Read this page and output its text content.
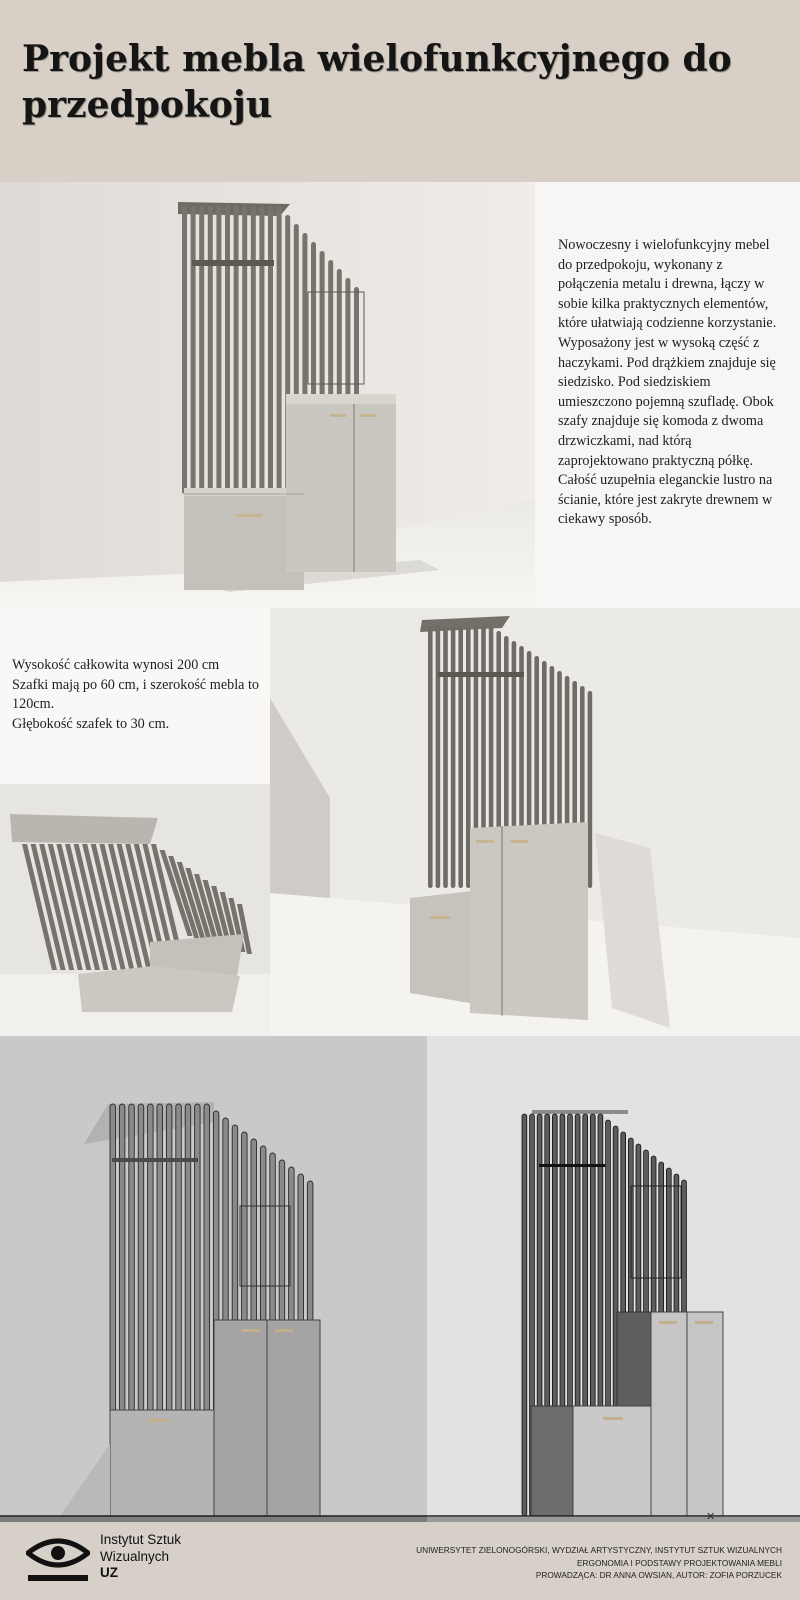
Projekt mebla wielofunkcyjnego do przedpokoju

Nowoczesny i wielofunkcyjny mebel do przedpokoju, wykonany z połączenia metalu i drewna, łączy w sobie kilka praktycznych elementów, które ułatwiają codzienne korzystanie. Wyposażony jest w wysoką część z haczykami. Pod drążkiem znajduje się siedzisko. Pod siedziskiem umieszczono pojemną szufladę. Obok szafy znajduje się komoda z dwoma drzwiczkami, nad którą zaprojektowano praktyczną półkę. Całość uzupełnia eleganckie lustro na ścianie, które jest zakryte drewnem w ciekawy sposób.

Wysokość całkowita wynosi 200 cm
Szafki mają po 60 cm, i szerokość mebla to 120cm.
Głębokość szafek to 30 cm.

✕
Instytut Sztuk
Wizualnych
UZ
UNIWERSYTET ZIELONOGÓRSKI, WYDZIAŁ ARTYSTYCZNY, INSTYTUT SZTUK WIZUALNYCH
ERGONOMIA I PODSTAWY PROJEKTOWANIA MEBLI
PROWADZĄCA: DR ANNA OWSIAN, AUTOR: ZOFIA PORZUCEK
